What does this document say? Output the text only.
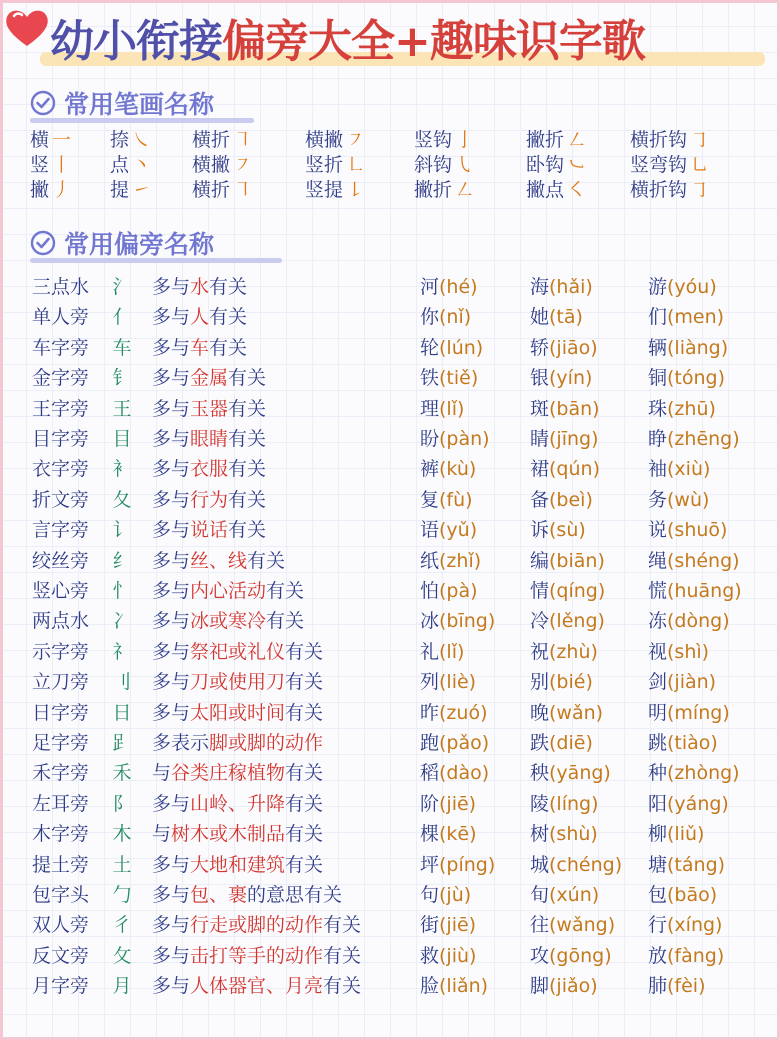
幼小衔接偏旁大全+趣味识字歌
常用笔画名称
横 一 捺 ㇏ 横折 ㇕	横撇 ㇇	竖钩 亅	撇折 ㇜ 横折钩 ㇆
竖 丨 点 丶 横撇 ㇇	竖折 ㇗	斜钩 ㇂	卧钩 ㇃ 竖弯钩 ㇟
撇 丿 提 ㇀ 横折 ㇕	竖提 ㇙	撇折 ㇜	撇点 ㇛ 横折钩 ㇆
常用偏旁名称
三点水 氵 多与水有关	河(hé)	海(hǎi)	游(yóu)
单人旁 亻 多与人有关	你(nǐ)	她(tā)	们(men)
车字旁 车 多与车有关	轮(lún) 轿(jiāo)	辆(liàng)
金字旁 钅 多与金属有关	铁(tiě)	银(yín)	铜(tóng)
王字旁 王 多与玉器有关	理(lǐ)	斑(bān)	珠(zhū)
目字旁 目 多与眼睛有关	盼(pàn) 睛(jīng)	睁(zhēng)
衣字旁 衤 多与衣服有关	裤(kù)	裙(qún)	袖(xiù)
折文旁 夂 多与行为有关	复(fù)	备(beì)	务(wù)
言字旁 讠 多与说话有关	语(yǔ)	诉(sù)	说(shuō)
绞丝旁 纟 多与丝、线有关	纸(zhǐ)	编(biān) 绳(shéng)
竖心旁 忄 多与内心活动有关	怕(pà)	情(qíng) 慌(huāng)
两点水 冫 多与冰或寒冷有关	冰(bīng) 冷(lěng) 冻(dòng)
示字旁 礻 多与祭祀或礼仪有关	礼(lǐ)	祝(zhù)	视(shì)
立刀旁 刂 多与刀或使用刀有关	列(liè)	别(bié)	剑(jiàn)
日字旁 日 多与太阳或时间有关	昨(zuó) 晚(wǎn) 明(míng)
足字旁 𧾷 多表示脚或脚的动作	跑(pǎo) 跌(diē)	跳(tiào)
禾字旁 禾 与谷类庄稼植物有关	稻(dào) 秧(yāng) 种(zhòng)
左耳旁 阝 多与山岭、升降有关	阶(jiē)	陵(líng)	阳(yáng)
木字旁 木 与树木或木制品有关	棵(kē)	树(shù)	柳(liǔ)
提土旁 土 多与大地和建筑有关	坪(píng) 城(chéng) 塘(táng)
包字头 勹 多与包、裹的意思有关	句(jù)	旬(xún)	包(bāo)
双人旁 彳 多与行走或脚的动作有关	街(jiē)	往(wǎng) 行(xíng)
反文旁 攵 多与击打等手的动作有关	救(jiù)	攻(gōng) 放(fàng)
月字旁 月 多与人体器官、月亮有关	脸(liǎn) 脚(jiǎo)	肺(fèi)
